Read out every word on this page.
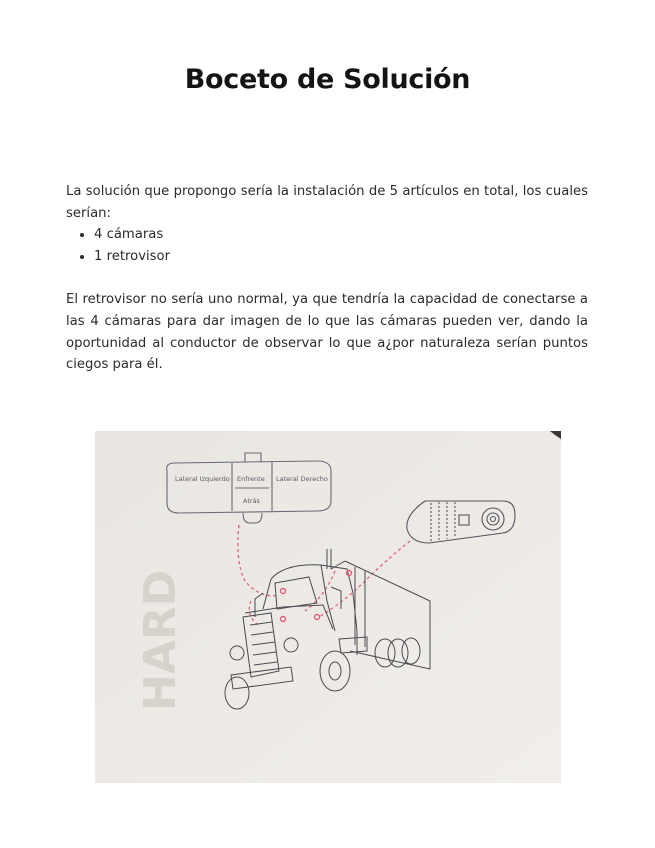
Boceto de Solución

La solución que propongo sería la instalación de 5 artículos en total, los cuales serían:

• 4 cámaras
• 1 retrovisor

El retrovisor no sería uno normal, ya que tendría la capacidad de conectarse a las 4 cámaras para dar imagen de lo que las cámaras pueden ver, dando la oportunidad al conductor de observar lo que a¿por naturaleza serían puntos ciegos para él.

HARD
Lateral Izquierdo Enfrente
Atrás
Lateral Derecho
